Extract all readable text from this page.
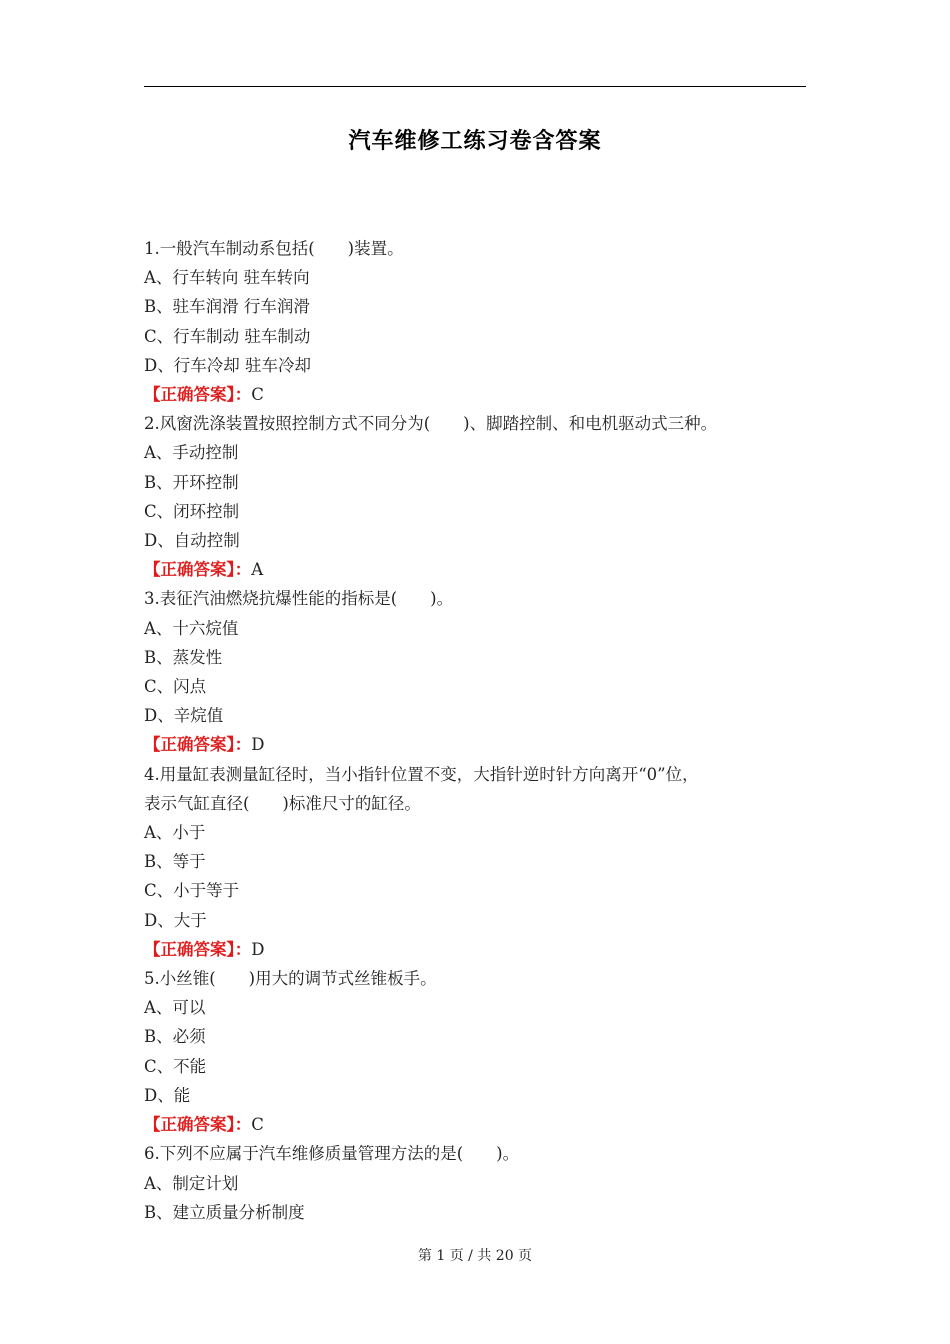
汽车维修工练习卷含答案
1.一般汽车制动系包括(　　)装置。
A、行车转向 驻车转向
B、驻车润滑 行车润滑
C、行车制动 驻车制动
D、行车冷却 驻车冷却
【正确答案】：C
2.风窗洗涤装置按照控制方式不同分为(　　)、脚踏控制、和电机驱动式三种。
A、手动控制
B、开环控制
C、闭环控制
D、自动控制
【正确答案】：A
3.表征汽油燃烧抗爆性能的指标是(　　)。
A、十六烷值
B、蒸发性
C、闪点
D、辛烷值
【正确答案】：D
4.用量缸表测量缸径时，当小指针位置不变，大指针逆时针方向离开“0”位，
表示气缸直径(　　)标准尺寸的缸径。
A、小于
B、等于
C、小于等于
D、大于
【正确答案】：D
5.小丝锥(　　)用大的调节式丝锥板手。
A、可以
B、必须
C、不能
D、能
【正确答案】：C
6.下列不应属于汽车维修质量管理方法的是(　　)。
A、制定计划
B、建立质量分析制度
第 1 页 / 共 20 页
